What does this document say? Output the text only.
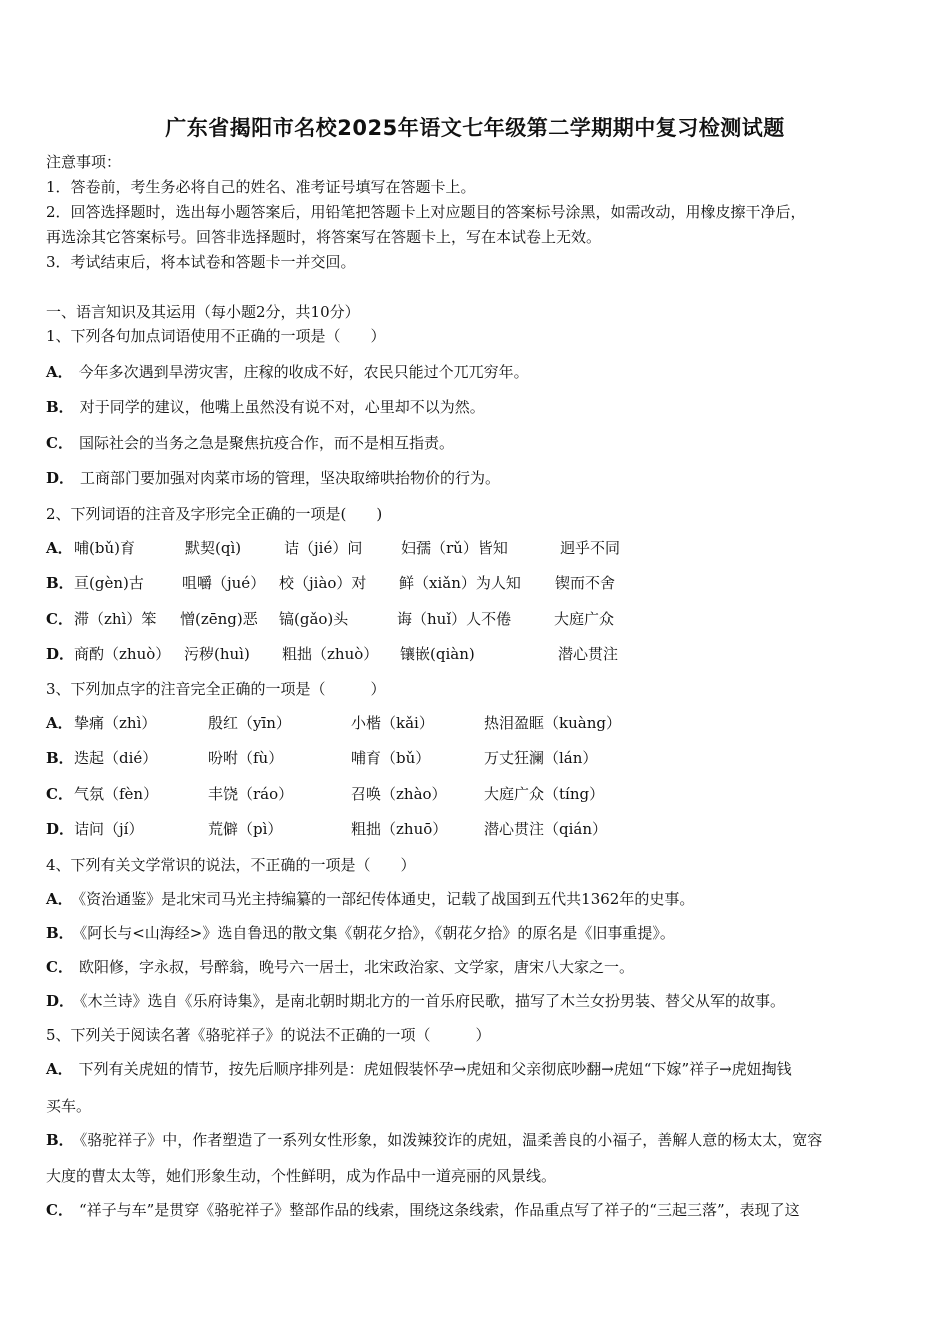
广东省揭阳市名校2025年语文七年级第二学期期中复习检测试题
注意事项：
1．答卷前，考生务必将自己的姓名、准考证号填写在答题卡上。
2．回答选择题时，选出每小题答案后，用铅笔把答题卡上对应题目的答案标号涂黑，如需改动，用橡皮擦干净后，
再选涂其它答案标号。回答非选择题时，将答案写在答题卡上，写在本试卷上无效。
3．考试结束后，将本试卷和答题卡一并交回。
一、语言知识及其运用（每小题2分，共10分）
1、下列各句加点词语使用不正确的一项是（　　）
A． 今年多次遇到旱涝灾害，庄稼的收成不好，农民只能过个兀兀穷年。
B． 对于同学的建议，他嘴上虽然没有说不对，心里却不以为然。
C． 国际社会的当务之急是聚焦抗疫合作，而不是相互指责。
D． 工商部门要加强对肉菜市场的管理，坚决取缔哄抬物价的行为。
2、下列词语的注音及字形完全正确的一项是(　　)
A． 哺(bǔ)育	默契(qì)	诘（jié）问	妇孺（rǔ）皆知	迥乎不同
B． 亘(gèn)古	咀嚼（jué） 校（jiào）对 鲜（xiǎn）为人知 锲而不舍
C． 滞（zhì）笨 憎(zēng)恶 镐(gǎo)头	诲（huǐ）人不倦	大庭广众
D． 商酌（zhuò） 污秽(huì) 粗拙（zhuò） 镶嵌(qiàn)	潜心贯注
3、下列加点字的注音完全正确的一项是（　　　）
A． 挚痛（zhì）	殷红（yīn）	小楷（kǎi）	热泪盈眶（kuàng）
B． 迭起（dié）	吩咐（fù）	哺育（bǔ）	万丈狂澜（lán）
C． 气氛（fèn）	丰饶（ráo）	召唤（zhào） 大庭广众（tíng）
D． 诘问（jí）	荒僻（pì）	粗拙（zhuō） 潜心贯注（qián）
4、下列有关文学常识的说法，不正确的一项是（　　）
A． 《资治通鉴》是北宋司马光主持编纂的一部纪传体通史，记载了战国到五代共1362年的史事。
B． 《阿长与<山海经>》选自鲁迅的散文集《朝花夕拾》，《朝花夕拾》的原名是《旧事重提》。
C． 欧阳修，字永叔，号醉翁，晚号六一居士，北宋政治家、文学家，唐宋八大家之一。
D． 《木兰诗》选自《乐府诗集》，是南北朝时期北方的一首乐府民歌，描写了木兰女扮男装、替父从军的故事。
5、下列关于阅读名著《骆驼祥子》的说法不正确的一项（　　　）
A． 下列有关虎妞的情节，按先后顺序排列是：虎妞假装怀孕→虎妞和父亲彻底吵翻→虎妞“下嫁”祥子→虎妞掏钱
买车。
B． 《骆驼祥子》中，作者塑造了一系列女性形象，如泼辣狡诈的虎妞，温柔善良的小福子，善解人意的杨太太，宽容
大度的曹太太等，她们形象生动，个性鲜明，成为作品中一道亮丽的风景线。
C． “祥子与车”是贯穿《骆驼祥子》整部作品的线索，围绕这条线索，作品重点写了祥子的“三起三落”，表现了这
